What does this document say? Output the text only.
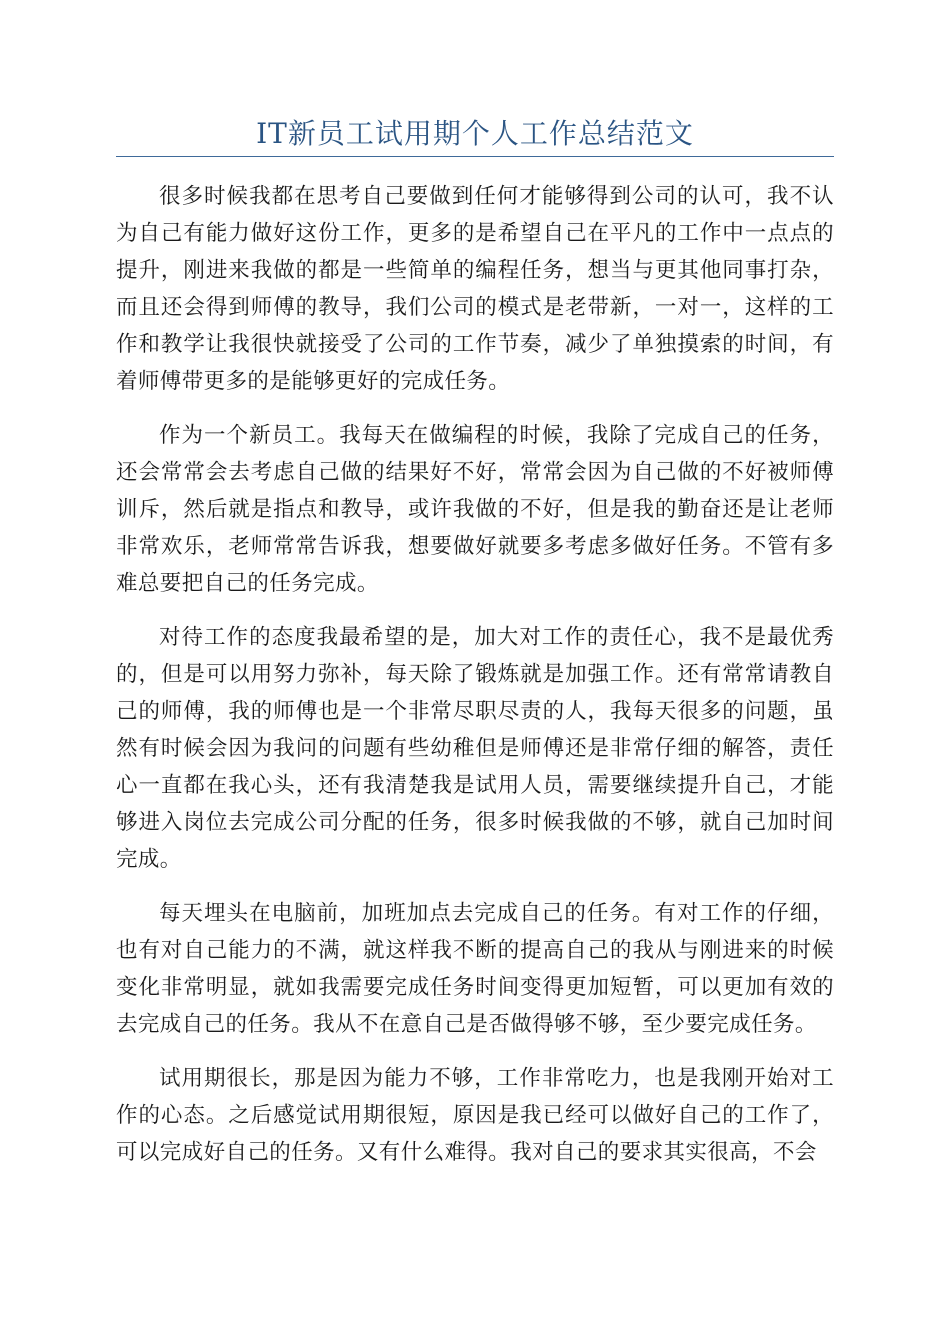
IT新员工试用期个人工作总结范文

很多时候我都在思考自己要做到任何才能够得到公司的认可，我不认为自己有能力做好这份工作，更多的是希望自己在平凡的工作中一点点的提升，刚进来我做的都是一些简单的编程任务，想当与更其他同事打杂，而且还会得到师傅的教导，我们公司的模式是老带新，一对一，这样的工作和教学让我很快就接受了公司的工作节奏，减少了单独摸索的时间，有着师傅带更多的是能够更好的完成任务。

作为一个新员工。我每天在做编程的时候，我除了完成自己的任务，还会常常会去考虑自己做的结果好不好，常常会因为自己做的不好被师傅训斥，然后就是指点和教导，或许我做的不好，但是我的勤奋还是让老师非常欢乐，老师常常告诉我，想要做好就要多考虑多做好任务。不管有多难总要把自己的任务完成。

对待工作的态度我最希望的是，加大对工作的责任心，我不是最优秀的，但是可以用努力弥补，每天除了锻炼就是加强工作。还有常常请教自己的师傅，我的师傅也是一个非常尽职尽责的人，我每天很多的问题，虽然有时候会因为我问的问题有些幼稚但是师傅还是非常仔细的解答，责任心一直都在我心头，还有我清楚我是试用人员，需要继续提升自己，才能够进入岗位去完成公司分配的任务，很多时候我做的不够，就自己加时间完成。

每天埋头在电脑前，加班加点去完成自己的任务。有对工作的仔细，也有对自己能力的不满，就这样我不断的提高自己的我从与刚进来的时候变化非常明显，就如我需要完成任务时间变得更加短暂，可以更加有效的去完成自己的任务。我从不在意自己是否做得够不够，至少要完成任务。

试用期很长，那是因为能力不够，工作非常吃力，也是我刚开始对工作的心态。之后感觉试用期很短，原因是我已经可以做好自己的工作了，可以完成好自己的任务。又有什么难得。我对自己的要求其实很高，不会
